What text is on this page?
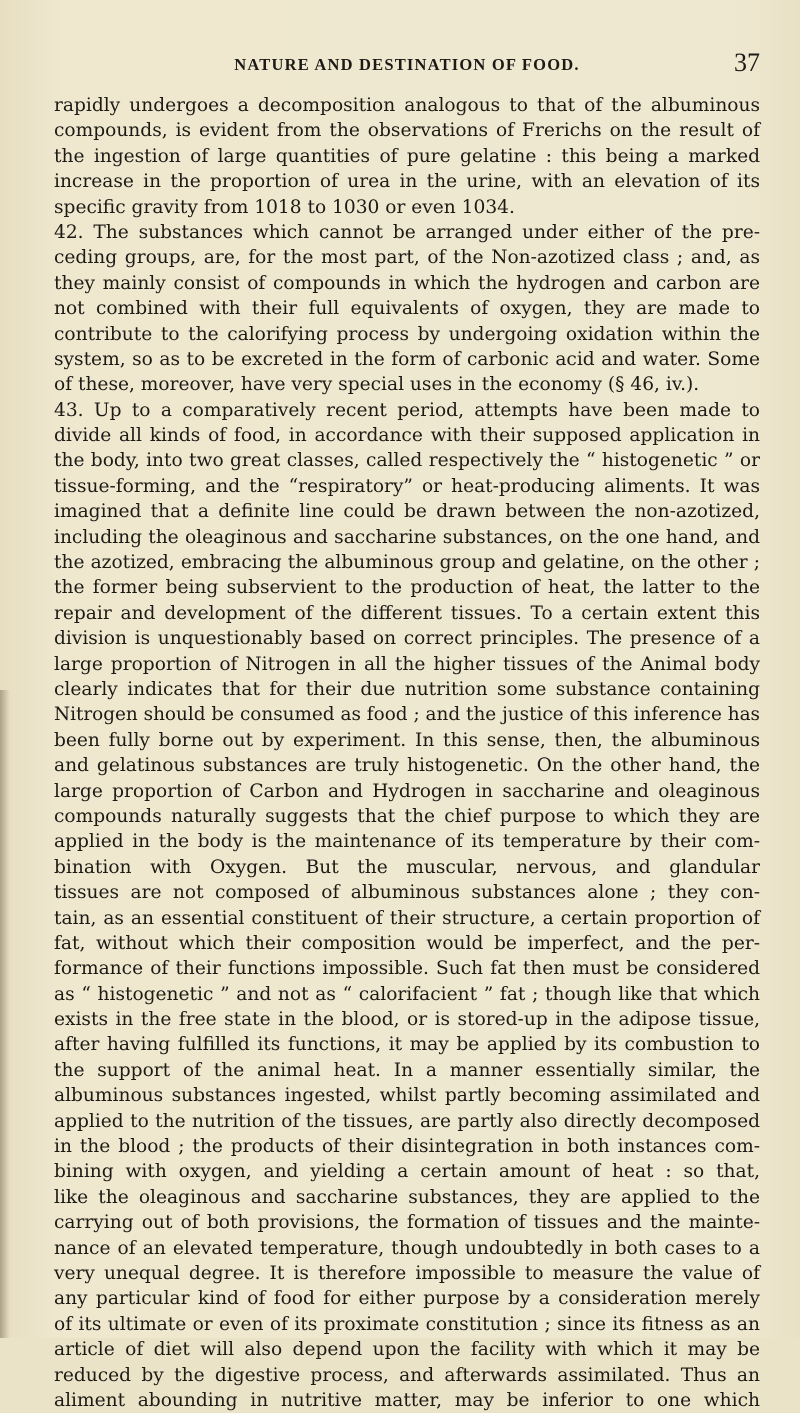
NATURE AND DESTINATION OF FOOD.	37
rapidly undergoes a decomposition analogous to that of the albuminous
compounds, is evident from the observations of Frerichs on the result of
the ingestion of large quantities of pure gelatine : this being a marked
increase in the proportion of urea in the urine, with an elevation of its
specific gravity from 1018 to 1030 or even 1034.
42. The substances which cannot be arranged under either of the pre-
ceding groups, are, for the most part, of the Non-azotized class ; and, as
they mainly consist of compounds in which the hydrogen and carbon are
not combined with their full equivalents of oxygen, they are made to
contribute to the calorifying process by undergoing oxidation within the
system, so as to be excreted in the form of carbonic acid and water. Some
of these, moreover, have very special uses in the economy (§ 46, iv.).
43. Up to a comparatively recent period, attempts have been made to
divide all kinds of food, in accordance with their supposed application in
the body, into two great classes, called respectively the “ histogenetic ” or
tissue-forming, and the “respiratory” or heat-producing aliments. It was
imagined that a definite line could be drawn between the non-azotized,
including the oleaginous and saccharine substances, on the one hand, and
the azotized, embracing the albuminous group and gelatine, on the other ;
the former being subservient to the production of heat, the latter to the
repair and development of the different tissues. To a certain extent this
division is unquestionably based on correct principles. The presence of a
large proportion of Nitrogen in all the higher tissues of the Animal body
clearly indicates that for their due nutrition some substance containing
Nitrogen should be consumed as food ; and the justice of this inference has
been fully borne out by experiment. In this sense, then, the albuminous
and gelatinous substances are truly histogenetic. On the other hand, the
large proportion of Carbon and Hydrogen in saccharine and oleaginous
compounds naturally suggests that the chief purpose to which they are
applied in the body is the maintenance of its temperature by their com-
bination with Oxygen. But the muscular, nervous, and glandular
tissues are not composed of albuminous substances alone ; they con-
tain, as an essential constituent of their structure, a certain proportion of
fat, without which their composition would be imperfect, and the per-
formance of their functions impossible. Such fat then must be considered
as “ histogenetic ” and not as “ calorifacient ” fat ; though like that which
exists in the free state in the blood, or is stored-up in the adipose tissue,
after having fulfilled its functions, it may be applied by its combustion to
the support of the animal heat. In a manner essentially similar, the
albuminous substances ingested, whilst partly becoming assimilated and
applied to the nutrition of the tissues, are partly also directly decomposed
in the blood ; the products of their disintegration in both instances com-
bining with oxygen, and yielding a certain amount of heat : so that,
like the oleaginous and saccharine substances, they are applied to the
carrying out of both provisions, the formation of tissues and the mainte-
nance of an elevated temperature, though undoubtedly in both cases to a
very unequal degree. It is therefore impossible to measure the value of
any particular kind of food for either purpose by a consideration merely
of its ultimate or even of its proximate constitution ; since its fitness as an
article of diet will also depend upon the facility with which it may be
reduced by the digestive process, and afterwards assimilated. Thus an
aliment abounding in nutritive matter, may be inferior to one which
